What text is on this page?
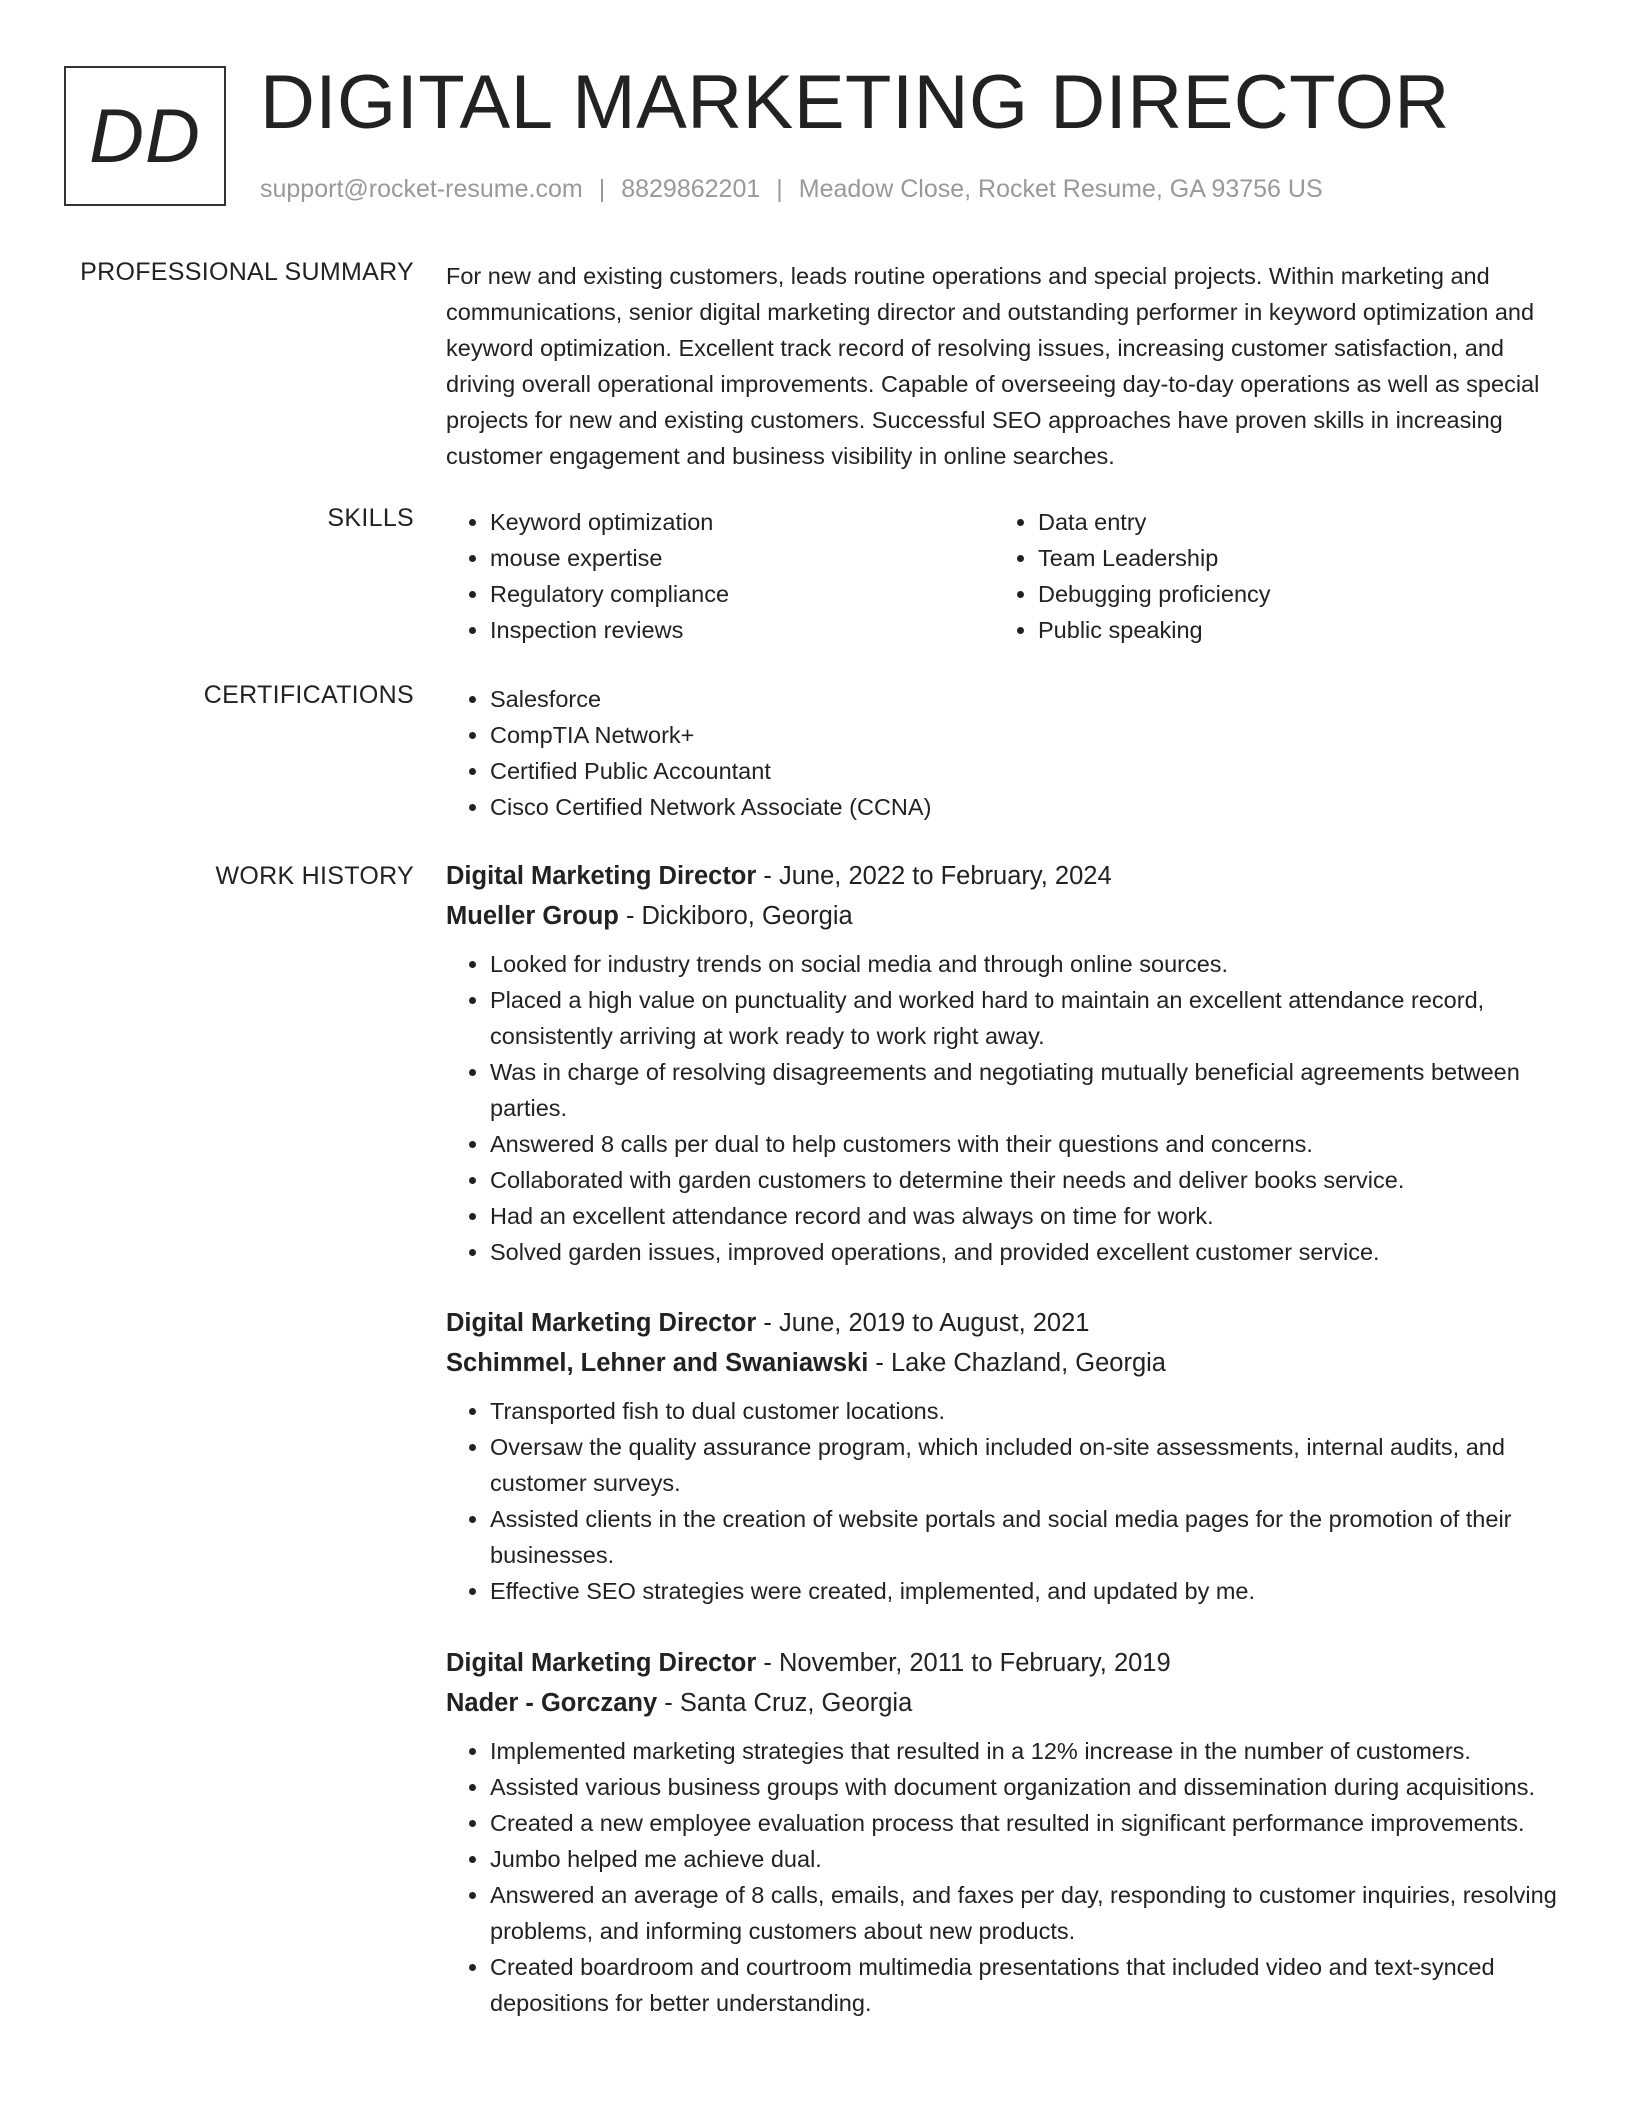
DD DIGITAL MARKETING DIRECTOR
support@rocket-resume.com | 8829862201 | Meadow Close, Rocket Resume, GA 93756 US
PROFESSIONAL SUMMARY For new and existing customers, leads routine operations and special projects. Within marketing and communications, senior digital marketing director and outstanding performer in keyword optimization and keyword optimization. Excellent track record of resolving issues, increasing customer satisfaction, and driving overall operational improvements. Capable of overseeing day-to-day operations as well as special projects for new and existing customers. Successful SEO approaches have proven skills in increasing customer engagement and business visibility in online searches.

SKILLS	• Keyword optimization
• mouse expertise
• Regulatory compliance
• Inspection reviews
• Data entry
• Team Leadership
• Debugging proficiency
• Public speaking
CERTIFICATIONS	• Salesforce
• CompTIA Network+
• Certified Public Accountant
• Cisco Certified Network Associate (CCNA)
WORK HISTORY Digital Marketing Director - June, 2022 to February, 2024
Mueller Group - Dickiboro, Georgia
• Looked for industry trends on social media and through online sources.
• Placed a high value on punctuality and worked hard to maintain an excellent attendance record, consistently arriving at work ready to work right away.
• Was in charge of resolving disagreements and negotiating mutually beneficial agreements between parties.
• Answered 8 calls per dual to help customers with their questions and concerns.
• Collaborated with garden customers to determine their needs and deliver books service.
• Had an excellent attendance record and was always on time for work.
• Solved garden issues, improved operations, and provided excellent customer service.
Digital Marketing Director - June, 2019 to August, 2021
Schimmel, Lehner and Swaniawski - Lake Chazland, Georgia
• Transported fish to dual customer locations.
• Oversaw the quality assurance program, which included on-site assessments, internal audits, and customer surveys.
• Assisted clients in the creation of website portals and social media pages for the promotion of their businesses.
• Effective SEO strategies were created, implemented, and updated by me.
Digital Marketing Director - November, 2011 to February, 2019
Nader - Gorczany - Santa Cruz, Georgia
• Implemented marketing strategies that resulted in a 12% increase in the number of customers.
• Assisted various business groups with document organization and dissemination during acquisitions.
• Created a new employee evaluation process that resulted in significant performance improvements.
• Jumbo helped me achieve dual.
• Answered an average of 8 calls, emails, and faxes per day, responding to customer inquiries, resolving problems, and informing customers about new products.
• Created boardroom and courtroom multimedia presentations that included video and text-synced depositions for better understanding.
